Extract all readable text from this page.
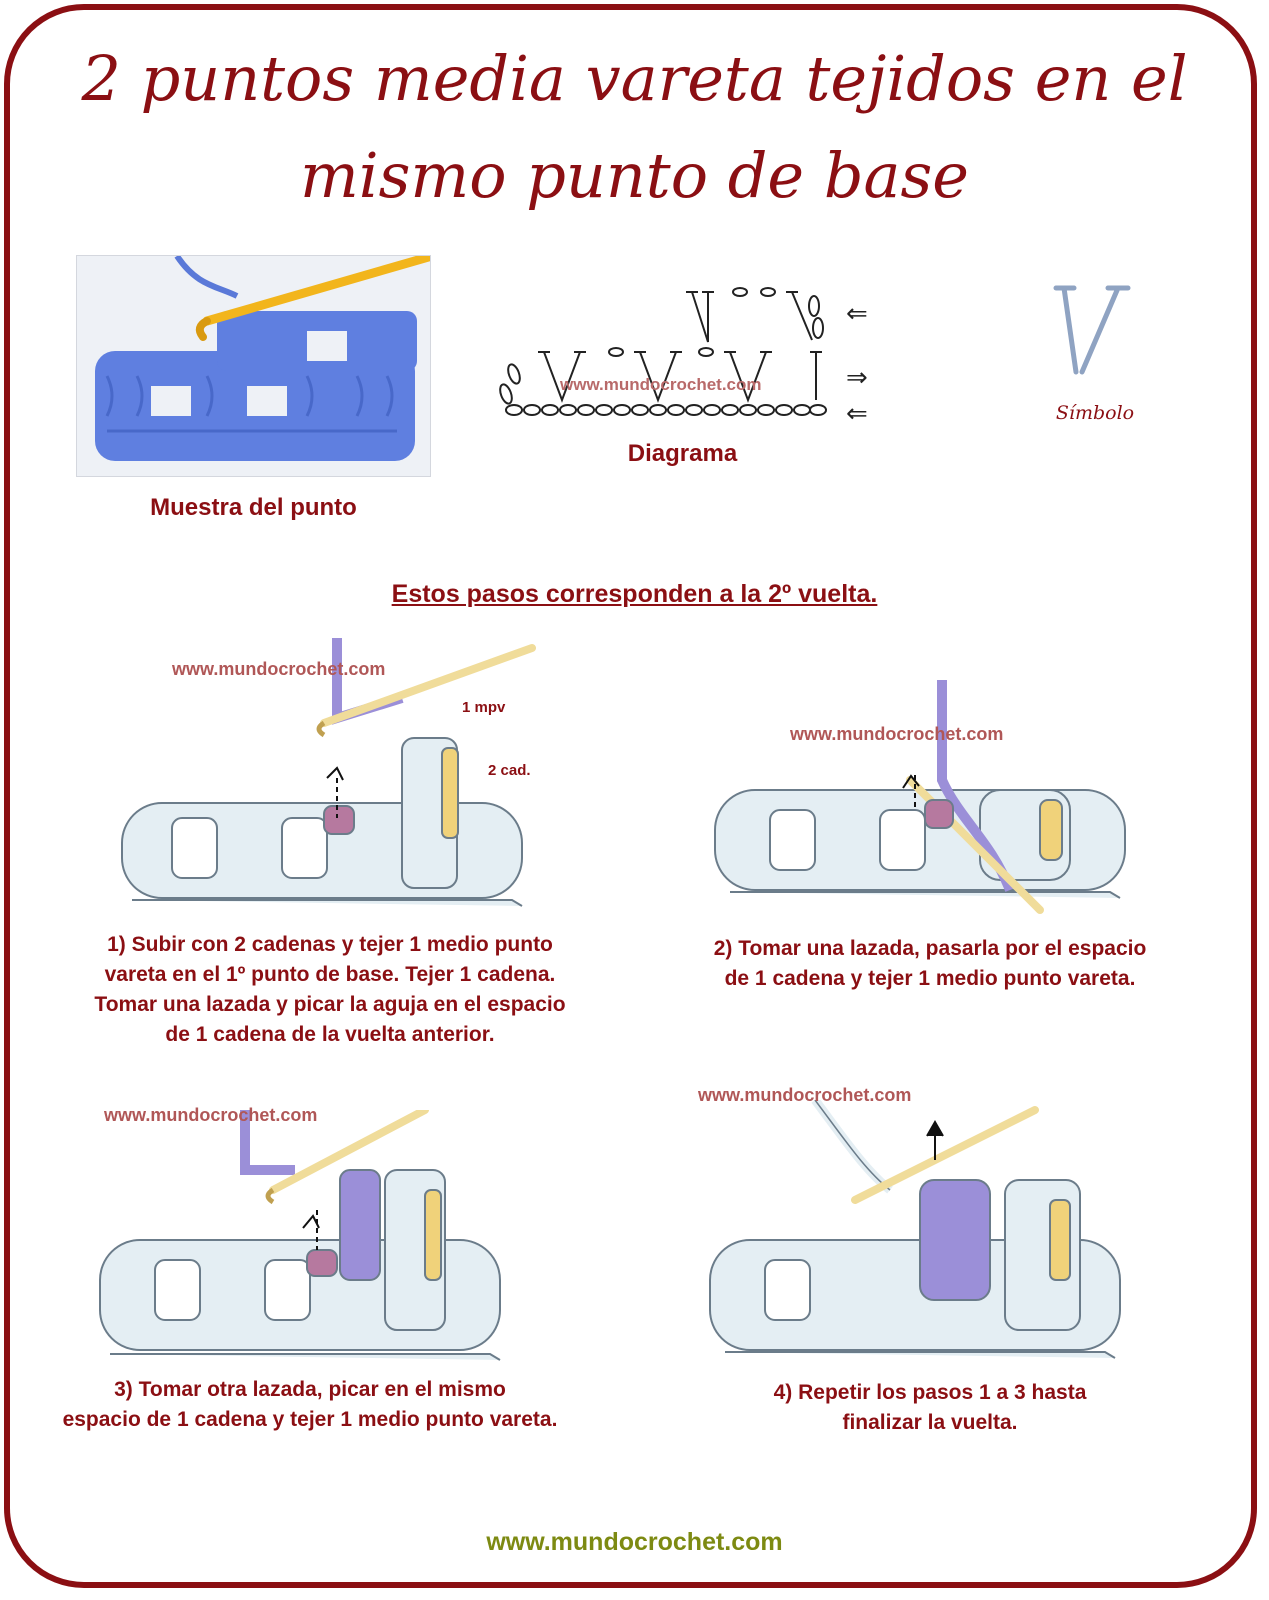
2 puntos media vareta tejidos en el
mismo punto de base
Muestra del punto
⇐
⇒
⇐
www.mundocrochet.com
Diagrama
Símbolo
Estos pasos corresponden a la 2º vuelta.
www.mundocrochet.com
1 mpv
2 cad.
1) Subir con 2 cadenas y tejer 1 medio punto
vareta en el 1º punto de base. Tejer 1 cadena.
Tomar una lazada y picar la aguja en el espacio
de 1 cadena de la vuelta anterior.
www.mundocrochet.com
2) Tomar una lazada, pasarla por el espacio
de 1 cadena y tejer 1 medio punto vareta.
www.mundocrochet.com
3) Tomar otra lazada, picar en el mismo
espacio de 1 cadena y tejer 1 medio punto vareta.
www.mundocrochet.com
4) Repetir los pasos 1 a 3 hasta
finalizar la vuelta.
www.mundocrochet.com
